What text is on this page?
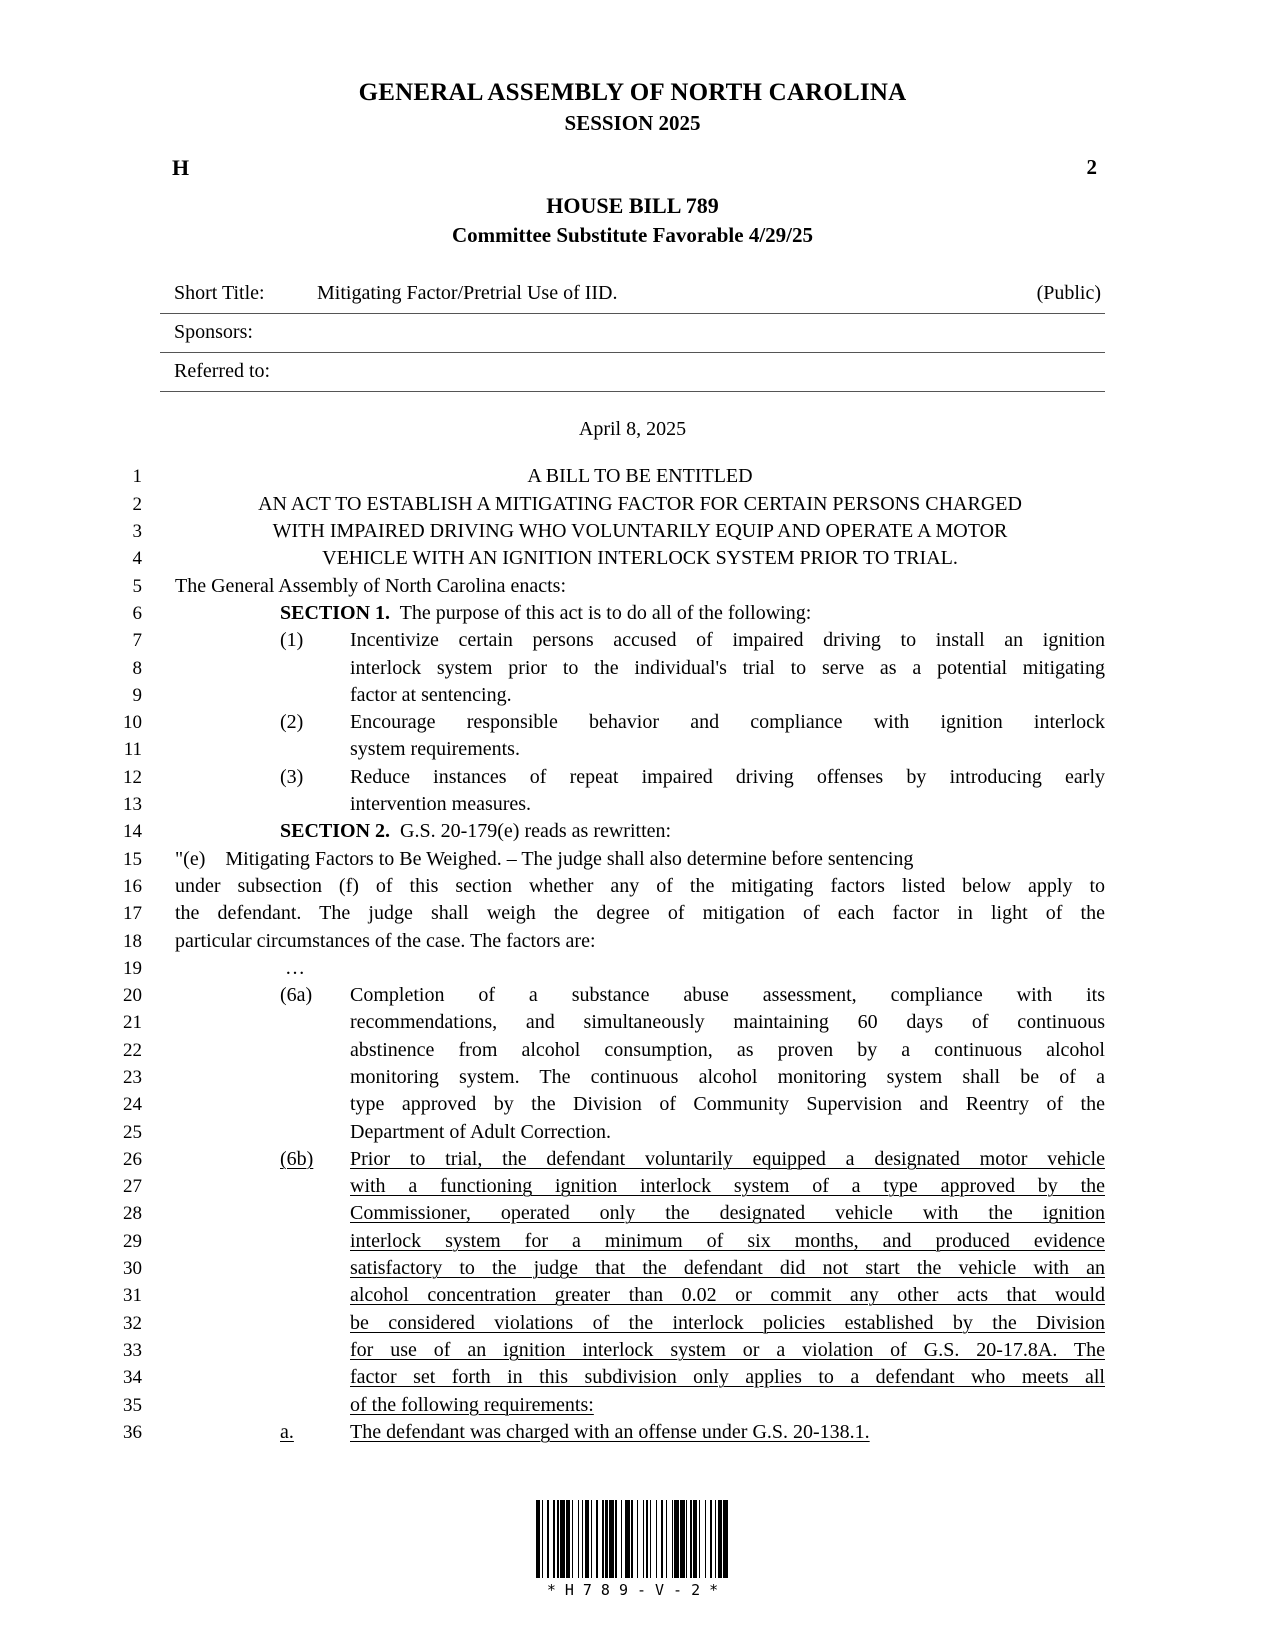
GENERAL ASSEMBLY OF NORTH CAROLINA
SESSION 2025
H	2
HOUSE BILL 789
Committee Substitute Favorable 4/29/25
Short Title:	Mitigating Factor/Pretrial Use of IID.	(Public)
Sponsors:
Referred to:
April 8, 2025
1	A BILL TO BE ENTITLED
2	AN ACT TO ESTABLISH A MITIGATING FACTOR FOR CERTAIN PERSONS CHARGED
3	WITH IMPAIRED DRIVING WHO VOLUNTARILY EQUIP AND OPERATE A MOTOR
4	VEHICLE WITH AN IGNITION INTERLOCK SYSTEM PRIOR TO TRIAL.
5 The General Assembly of North Carolina enacts:
6	SECTION 1. The purpose of this act is to do all of the following:
7	(1)	Incentivize certain persons accused of impaired driving to install an ignition
8	interlock system prior to the individual's trial to serve as a potential mitigating
9	factor at sentencing.
10	(2)	Encourage responsible behavior and compliance with ignition interlock
11	system requirements.
12	(3)	Reduce instances of repeat impaired driving offenses by introducing early
13	intervention measures.
14	SECTION 2. G.S. 20-179(e) reads as rewritten:
15 "(e) Mitigating Factors to Be Weighed. – The judge shall also determine before sentencing
16 under subsection (f) of this section whether any of the mitigating factors listed below apply to
17 the defendant. The judge shall weigh the degree of mitigation of each factor in light of the
18 particular circumstances of the case. The factors are:
19	…
20	(6a)	Completion of a substance abuse assessment, compliance with its
21	recommendations, and simultaneously maintaining 60 days of continuous
22	abstinence from alcohol consumption, as proven by a continuous alcohol
23	monitoring system. The continuous alcohol monitoring system shall be of a
24	type approved by the Division of Community Supervision and Reentry of the
25	Department of Adult Correction.
26	(6b)	Prior to trial, the defendant voluntarily equipped a designated motor vehicle
27	with a functioning ignition interlock system of a type approved by the
28	Commissioner, operated only the designated vehicle with the ignition
29	interlock system for a minimum of six months, and produced evidence
30	satisfactory to the judge that the defendant did not start the vehicle with an
31	alcohol concentration greater than 0.02 or commit any other acts that would
32	be considered violations of the interlock policies established by the Division
33	for use of an ignition interlock system or a violation of G.S. 20-17.8A. The
34	factor set forth in this subdivision only applies to a defendant who meets all
35	of the following requirements:
36	a.	The defendant was charged with an offense under G.S. 20-138.1.
*H789-V-2*
